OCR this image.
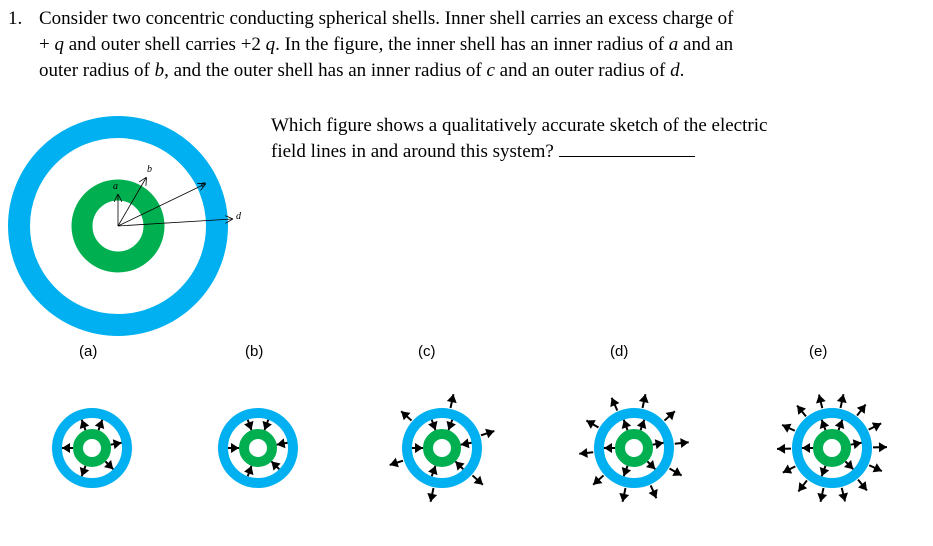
1. Consider two concentric conducting spherical shells. Inner shell carries an excess charge of
+ q and outer shell carries +2 q. In the figure, the inner shell has an inner radius of a and an
outer radius of b, and the outer shell has an inner radius of c and an outer radius of d.
Which figure shows a qualitatively accurate sketch of the electric
field lines in and around this system?
a
b
c
d
(a)	(b)	(c)	(d)	(e)
